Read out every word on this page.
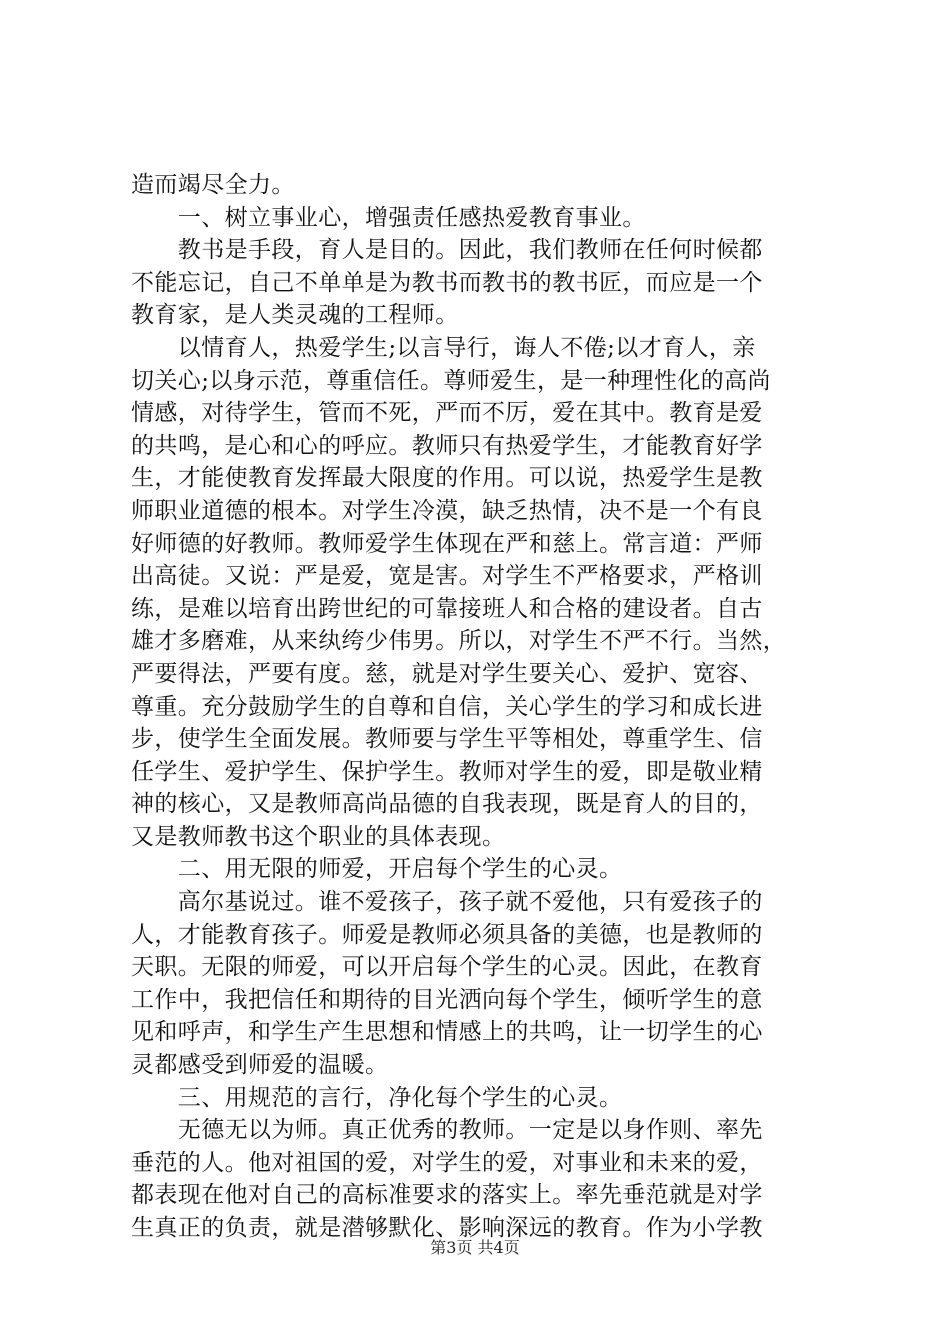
造而竭尽全力。
　　一、树立事业心，增强责任感热爱教育事业。
　　教书是手段，育人是目的。因此，我们教师在任何时候都
不能忘记，自己不单单是为教书而教书的教书匠，而应是一个
教育家，是人类灵魂的工程师。
　　以情育人，热爱学生;以言导行，诲人不倦;以才育人，亲
切关心;以身示范，尊重信任。尊师爱生，是一种理性化的高尚
情感，对待学生，管而不死，严而不厉，爱在其中。教育是爱
的共鸣，是心和心的呼应。教师只有热爱学生，才能教育好学
生，才能使教育发挥最大限度的作用。可以说，热爱学生是教
师职业道德的根本。对学生冷漠，缺乏热情，决不是一个有良
好师德的好教师。教师爱学生体现在严和慈上。常言道：严师
出高徒。又说：严是爱，宽是害。对学生不严格要求，严格训
练，是难以培育出跨世纪的可靠接班人和合格的建设者。自古
雄才多磨难，从来纨绔少伟男。所以，对学生不严不行。当然，
严要得法，严要有度。慈，就是对学生要关心、爱护、宽容、
尊重。充分鼓励学生的自尊和自信，关心学生的学习和成长进
步，使学生全面发展。教师要与学生平等相处，尊重学生、信
任学生、爱护学生、保护学生。教师对学生的爱，即是敬业精
神的核心，又是教师高尚品德的自我表现，既是育人的目的，
又是教师教书这个职业的具体表现。
　　二、用无限的师爱，开启每个学生的心灵。
　　高尔基说过。谁不爱孩子，孩子就不爱他，只有爱孩子的
人，才能教育孩子。师爱是教师必须具备的美德，也是教师的
天职。无限的师爱，可以开启每个学生的心灵。因此，在教育
工作中，我把信任和期待的目光洒向每个学生，倾听学生的意
见和呼声，和学生产生思想和情感上的共鸣，让一切学生的心
灵都感受到师爱的温暖。
　　三、用规范的言行，净化每个学生的心灵。
　　无德无以为师。真正优秀的教师。一定是以身作则、率先
垂范的人。他对祖国的爱，对学生的爱，对事业和未来的爱，
都表现在他对自己的高标准要求的落实上。率先垂范就是对学
生真正的负责，就是潜够默化、影响深远的教育。作为小学教
第3页 共4页
